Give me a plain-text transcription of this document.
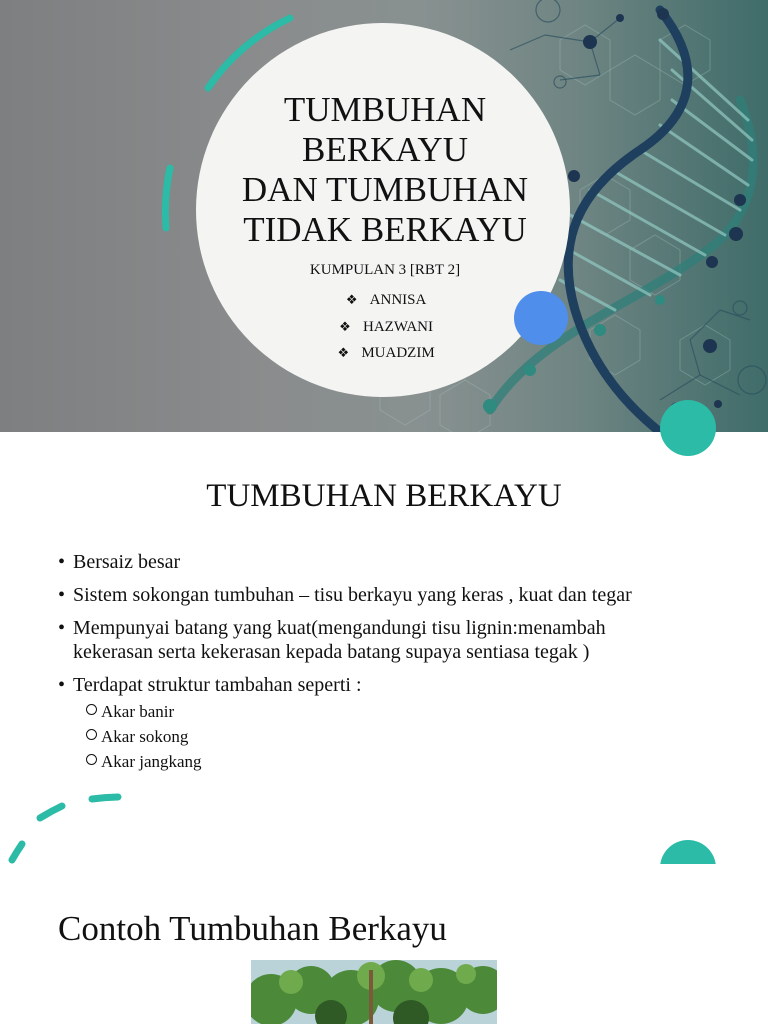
TUMBUHAN
BERKAYU
DAN TUMBUHAN
TIDAK BERKAYU
KUMPULAN 3 [RBT 2]
❖ ANNISA
❖ HAZWANI
❖ MUADZIM
TUMBUHAN BERKAYU
• Bersaiz besar
• Sistem sokongan tumbuhan – tisu berkayu yang keras , kuat dan tegar
• Mempunyai batang yang kuat(mengandungi tisu lignin:menambah
kekerasan serta kekerasan kepada batang supaya sentiasa tegak )
• Terdapat struktur tambahan seperti :
Akar banir
Akar sokong
Akar jangkang
Contoh Tumbuhan Berkayu
